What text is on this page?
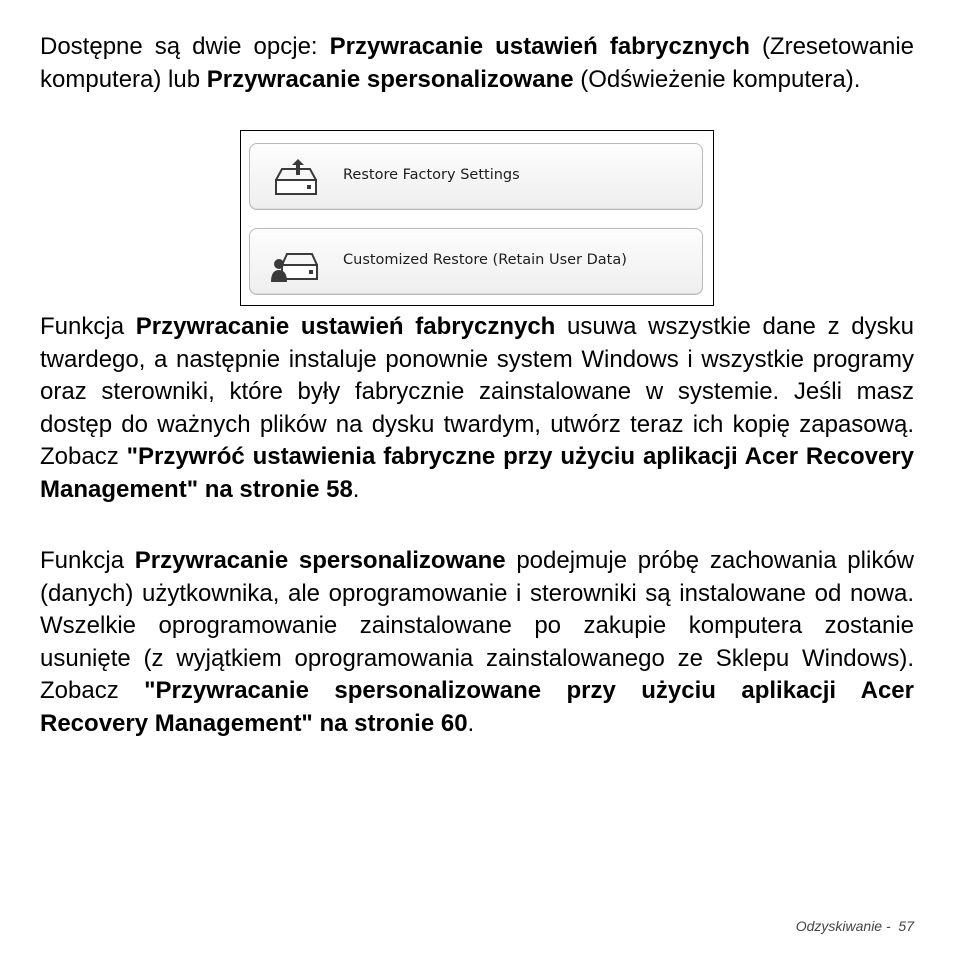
Dostępne są dwie opcje: Przywracanie ustawień fabrycznych (Zresetowanie komputera) lub Przywracanie spersonalizowane (Odświeżenie komputera).

Restore Factory Settings
Customized Restore (Retain User Data)

Funkcja Przywracanie ustawień fabrycznych usuwa wszystkie dane z dysku twardego, a następnie instaluje ponownie system Windows i wszystkie programy oraz sterowniki, które były fabrycznie zainstalowane w systemie. Jeśli masz dostęp do ważnych plików na dysku twardym, utwórz teraz ich kopię zapasową. Zobacz "Przywróć ustawienia fabryczne przy użyciu aplikacji Acer Recovery Management" na stronie 58.

Funkcja Przywracanie spersonalizowane podejmuje próbę zachowania plików (danych) użytkownika, ale oprogramowanie i sterowniki są instalowane od nowa. Wszelkie oprogramowanie zainstalowane po zakupie komputera zostanie usunięte (z wyjątkiem oprogramowania zainstalowanego ze Sklepu Windows). Zobacz "Przywracanie spersonalizowane przy użyciu aplikacji Acer Recovery Management" na stronie 60.

Odzyskiwanie - 57
